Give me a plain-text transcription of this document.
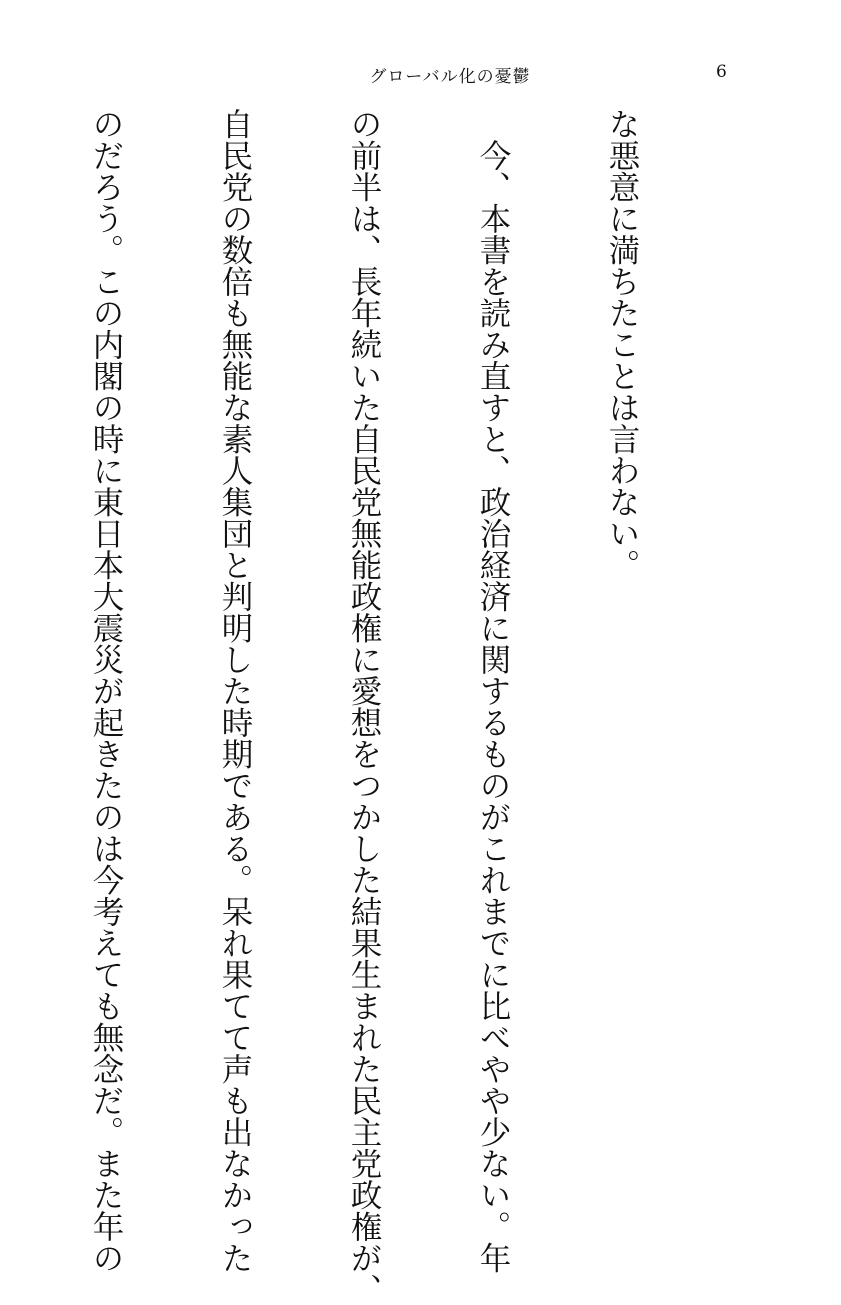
グローバル化の憂鬱	6

な悪意に満ちたことは言わない。

　今、本書を読み直すと、政治経済に関するものがこれまでに比べやや少ない。年

の前半は、長年続いた自民党無能政権に愛想をつかした結果生まれた民主党政権が、

自民党の数倍も無能な素人集団と判明した時期である。呆れ果てて声も出なかった

のだろう。この内閣の時に東日本大震災が起きたのは今考えても無念だ。また年の
